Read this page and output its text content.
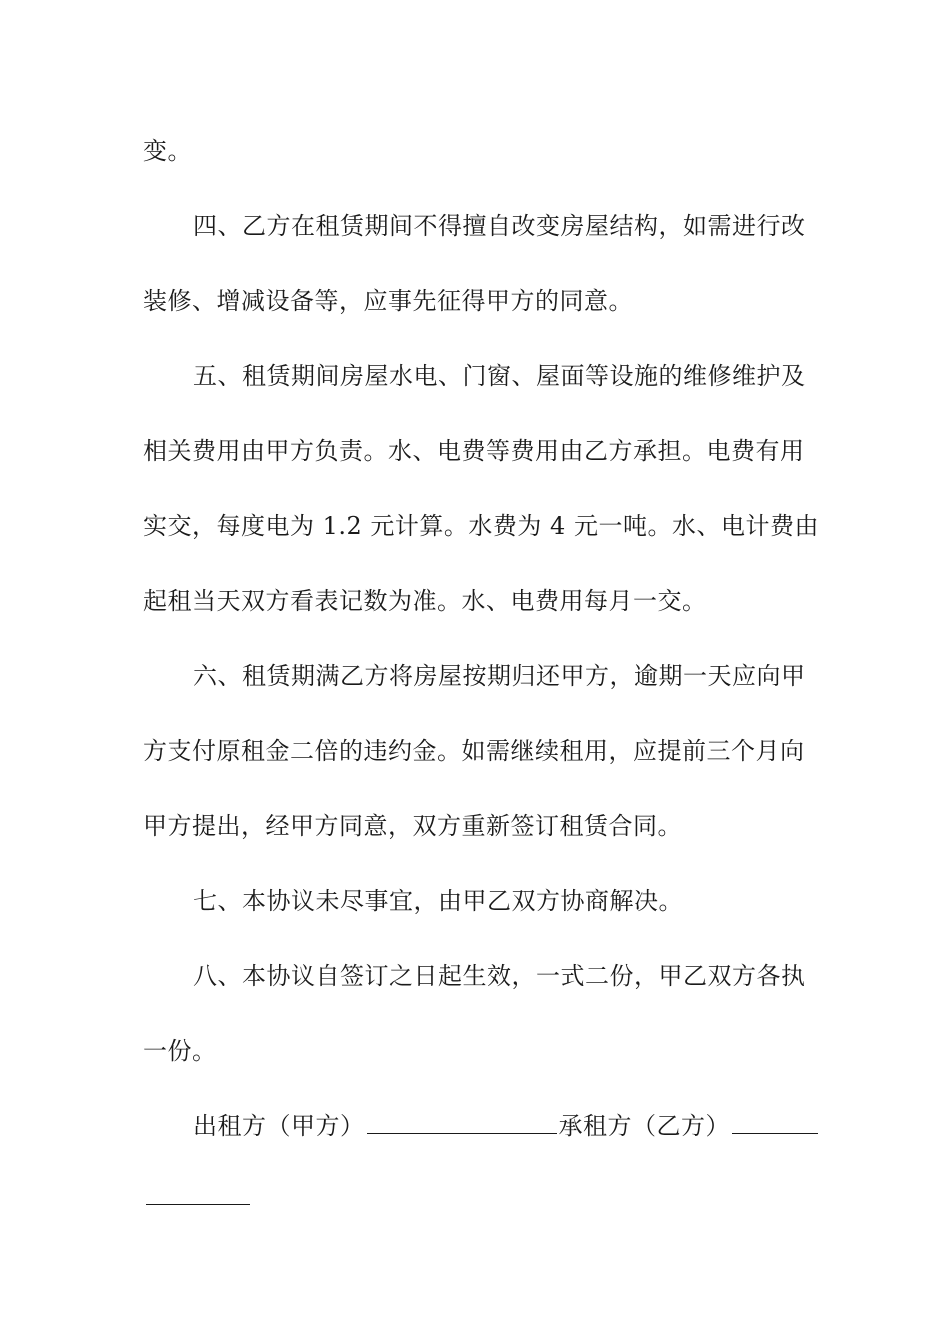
变。

四、乙方在租赁期间不得擅自改变房屋结构，如需进行改

装修、增减设备等，应事先征得甲方的同意。

五、租赁期间房屋水电、门窗、屋面等设施的维修维护及

相关费用由甲方负责。水、电费等费用由乙方承担。电费有用

实交，每度电为 1.2 元计算。水费为 4 元一吨。水、电计费由

起租当天双方看表记数为准。水、电费用每月一交。

六、租赁期满乙方将房屋按期归还甲方，逾期一天应向甲

方支付原租金二倍的违约金。如需继续租用，应提前三个月向

甲方提出，经甲方同意，双方重新签订租赁合同。

七、本协议未尽事宜，由甲乙双方协商解决。

八、本协议自签订之日起生效，一式二份，甲乙双方各执

一份。

出租方（甲方）	承租方（乙方）
